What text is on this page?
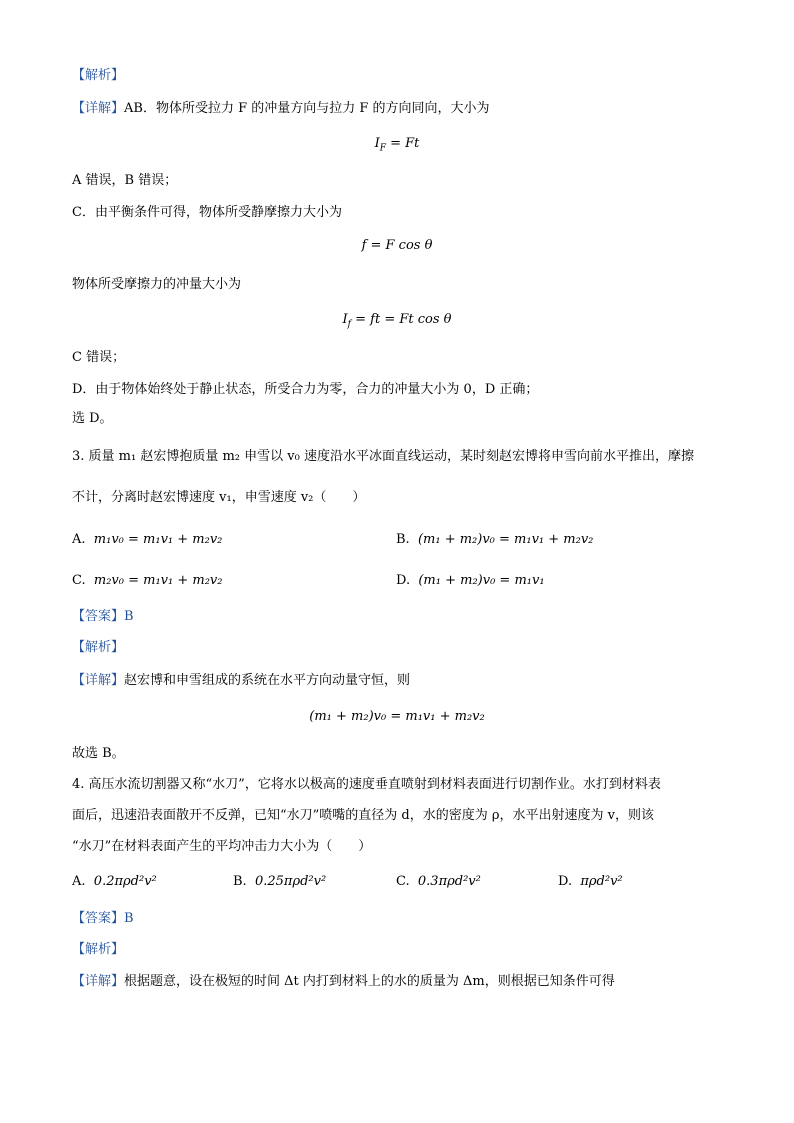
【解析】
【详解】AB．物体所受拉力 F 的冲量方向与拉力 F 的方向同向，大小为
$I_F = Ft$
A 错误，B 错误；
C．由平衡条件可得，物体所受静摩擦力大小为
f = F cos θ
物体所受摩擦力的冲量大小为
$I_f$ = ft = Ft cos θ
C 错误；
D．由于物体始终处于静止状态，所受合力为零，合力的冲量大小为 0，D 正确；
选 D。
3. 质量 m₁ 赵宏博抱质量 m₂ 申雪以 v₀ 速度沿水平冰面直线运动，某时刻赵宏博将申雪向前水平推出，摩擦
不计，分离时赵宏博速度 v₁，申雪速度 v₂（　　）
A. m₁v₀ = m₁v₁ + m₂v₂	B. (m₁ + m₂)v₀ = m₁v₁ + m₂v₂
C. m₂v₀ = m₁v₁ + m₂v₂	D. (m₁ + m₂)v₀ = m₁v₁
【答案】B
【解析】
【详解】赵宏博和申雪组成的系统在水平方向动量守恒，则
(m₁ + m₂)v₀ = m₁v₁ + m₂v₂
故选 B。
4. 高压水流切割器又称“水刀”，它将水以极高的速度垂直喷射到材料表面进行切割作业。水打到材料表
面后，迅速沿表面散开不反弹，已知“水刀”喷嘴的直径为 d，水的密度为 ρ，水平出射速度为 v，则该
“水刀”在材料表面产生的平均冲击力大小为（　　）
A. 0.2πρd²v²	B. 0.25πρd²v²	C. 0.3πρd²v²	D. πρd²v²
【答案】B
【解析】
【详解】根据题意，设在极短的时间 Δt 内打到材料上的水的质量为 Δm，则根据已知条件可得
